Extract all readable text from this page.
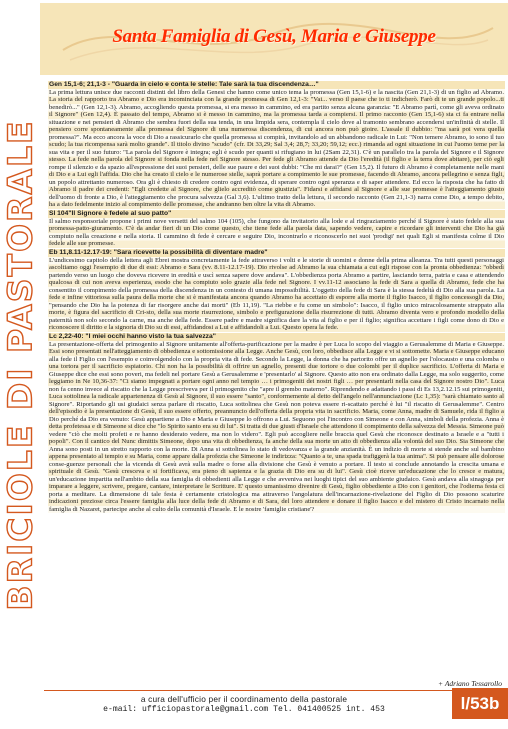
BRICIOLE DI PASTORALE
Santa Famiglia di Gesù, Maria e Giuseppe
Gen 15,1-6; 21,1-3 - "Guarda in cielo e conta le stelle: Tale sarà la tua discendenza…"
La prima lettura unisce due racconti distinti del libro della Genesi che hanno come unico tema la promessa (Gen 15,1-6) e la nascita (Gen 21,1-3) di un figlio ad Abramo. La storia del rapporto tra Abramo e Dio era incominciata con la grande promessa di Gen 12,1-3: "Vai... verso il paese che io ti indicherò. Farò di te un grande popolo...ti benedirò..." (Gen 12,1-3). Abramo, accogliendo questa promessa, si era messo in cammino, ed era partito senza alcuna garanzia: "E Abramo partì, come gli aveva ordinato il Signore" (Gen 12,4). È passato del tempo, Abramo si è messo in cammino, ma la promessa tarda a compiersi. Il primo racconto (Gen 15,1-6) sta ci fa entrare nella situazione e nei pensieri di Abramo che sembra fuori della sua tenda, in una limpida sera, contempla il cielo dove al tramonto sembrano accendersi un'infinità di stelle. Il pensiero corre spontaneamente alla promessa del Signore di una numerosa discendenza, di cui ancora non può gioire. L'assale il dubbio: "ma sarà poi vera quella promessa?". Ma ecco ancora la voce di Dio a rassicurarlo che quella promessa si compirà, invitandolo ad un abbandono radicale in Lui: "Non temere Abramo, io sono il tuo scudo; la tua ricompensa sarà molto grande". Il titolo divino "scudo" (cfr. Dt 33,29; Sal 3,4; 28,7; 33,20; 59,12; ecc.) rimanda ad ogni situazione in cui l'uomo teme per la sua vita e per il suo futuro: "La parola del Signore è integra; egli è scudo per quanti si rifugiano in lui (2Sam 22,31). C'è un parallelo tra la parola del Signore e il Signore stesso. La fede nella parola del Signore si fonda nella fede nel Signore stesso. Per fede gli Abramo attende da Dio l'eredità (il figlio e la terra dove abitare), per ciò egli rompe il silenzio e da spazio all'espressione dei suoi pensieri, delle sue paure e dei suoi dubbi: "Che mi darai?" (Gen 15,2). Il futuro di Abramo è completamente nelle mani di Dio e a Lui egli l'affida. Dio che ha creato il cielo e le numerose stelle, saprà portare a compimento le sue promesse, facendo di Abramo, ancora pellegrino e senza figli, un popolo attrettanto numeroso. Ora gli è chiesto di credere contro ogni evidenza, di sperare contro ogni speranza e di saper attendere. Ed ecco la risposta che ha fatto di Abramo il padre dei credenti: "Egli credette al Signore, che glielo accreditò come giustizia". Fidarsi e affidarsi al Signore e alle sue promesse è l'atteggiamento giusto dell'uomo di fronte a Dio, è l'atteggiamento che procura salvezza (Gal 3,6). L'ultimo tratto della lettura, il secondo racconto (Gen 21,1-3) narra come Dio, a tempo debito, ha a dato fedelmente inizio al compimento delle promesse, che andranno ben oltre la vita di Abramo.
Sl 104"Il Signore è fedele al suo patto"
Il salmo responsoriale propone i primi nove versetti del salmo 104 (105), che fungono da invitatorio alla lode e al ringraziamento perché il Signore è stato fedele alla sua promessa-patto-giuramento. C'è da andar fieri di un Dio come questo, che tiene fede alla parola data, sapendo vedere, capire e ricordare gli interventi che Dio ha già compiuto nella creazione e nella storia. Il cammino di fede è cercare e seguire Dio, incontrarlo e riconoscerlo nei suoi 'prodigi' nei quali Egli si manifesta colme il Dio fedele alle sue promesse.
Eb 11,8.11-12.17-19: "Sara ricevette la possibilità di diventare madre"
L'undicesimo capitolo della lettera agli Ebrei mostra concretamente la fede attraverso i volti e le storie di uomini e donne della prima alleanza. Tra tutti questi personaggi ascoltiamo oggi l'esempio di due di essi: Abramo e Sara (vv. 8.11-12.17-19). Dio rivolse ad Abramo la sua chiamata a cui egli rispose con la pronta obbedienza: "obbedì partendo verso un luogo che doveva ricevere in eredità e uscì senza sapere dove andava". L'obbedienza porta Abramo a partire, lasciando terra, patria e casa e attendendo qualcosa di cui non aveva esperienza, esodo che ha compiuto solo grazie alla fede nel Signore. I vv.11-12 associano la fede di Sara a quella di Abramo, fede che ha consentito il compimento della promessa della discendenza in un contesto di umana impossibilità. L'oggetto della fede di Sara è la stessa fedeltà di Dio alla sua parola. La fede e infine vittoriosa sulla paura della morte che si è manifestata ancora quando Abramo ha accettato di esporre alla morte il figlio Isacco, il figlio concessogli da Dio, "pensando che Dio ha la potenza di far risorgere anche dai morti" (Eb 11,19). "La riebbe e fu come un simbolo": Isacco, il figlio unico miracolosamente strappato alla morte, è figura del sacrificio di Cri-sto, della sua morte risurrezione, simbolo e prefigurazione della risurrezione di tutti. Abramo diventa vero e profondo modello della paternità non solo secondo la carne, ma anche della fede. Essere padre e madre significa dare la vita al figlio e per il figlio; significa accettare i figli come dono di Dio e riconoscere il diritto e la signoria di Dio su di essi, affidandosi a Lui e affidandoli a Lui. Questo opera la fede.
Lc 2,22-40: "I miei occhi hanno visto la tua salvezza"
La presentazione-offerta del primogenito al Signore unitamente all'offerta-purificazione per la madre è per Luca lo scopo del viaggio a Gerusalemme di Maria e Giuseppe. Essi sono presentati nell'atteggiamento di obbedienza e sottomissione alla Legge. Anche Gesù, con loro, obbedisce alla Legge e vi si sottomette. Maria e Giuseppe educano alla fede il Figlio con l'esempio e coinvolgendolo con la propria vita di fede. Secondo la Legge, la donna che ha partorito offre un agnello per l'olocausto e una colomba o una tortora per il sacrificio espiatorio. Chi non ha la possibilità di offrire un agnello, presenti due tortore o due colombi per il duplice sacrificio. L'offerta di Maria e Giuseppe dice che essi sono poveri, ma fedeli nel portare Gesù a Gerusalemme e 'presentarlo' al Signore. Questo atto non era ordinato dalla Legge, ma solo suggerito, come leggiamo in Ne 10,36-37: "Ci siamo impegnati a portare ogni anno nel tempio … i primogeniti dei nostri figli … per presentarli nella casa del Signore nostro Dio". Luca non fa cenno invece al riscatto che la Legge prescriveva per il primogenito che "apre il grembo materno". Riprendendo e adattando i passi di Es 13,2.12.15 sui primogeniti, Luca sottolinea la radicale appartenenza di Gesù al Signore, il suo essere "santo", conformemente al detto dell'angelo nell'annunciazione (Lc 1,35): "sarà chiamato santo al Signore". Riportando gli usi giudaici senza parlare di riscatto, Luca sottolinea che Gesù non poteva essere ri-scattato perché è lui "il riscatto di Gerusalemme". Centro dell'episodio è la presentazione di Gesù, il suo essere offerto, preannuncio dell'offerta della propria vita in sacrificio. Maria, come Anna, madre di Samuele, rida il figlio a Dio perché da Dio era venuto: Gesù appartiene a Dio e Maria e Giuseppe lo offrono a Lui. Seguono poi l'incontro con Simeone e con Anna, simboli della profezia. Anna è detta profetessa e di Simeone si dice che "lo Spirito santo era su di lui". Si tratta di due giusti d'Israele che attendono il compimento della salvezza del Messia. Simeone può vedere "ciò che molti profeti e re hanno desiderato vedere, ma non lo videro". Egli può accogliere nelle braccia quel Gesù che riconosce destinato a Israele e a "tutti i popoli". Con il cantico del Nunc dimittis Simeone, dopo una vita di obbedienza, fa anche della sua morte un atto di obbedienza alla volontà del suo Dio. Sia Simeone che Anna sono posti in un stretto rapporto con la morte. Di Anna si sottolinea lo stato di vedovanza e la grande anzianità. È un indizio di morte si stende anche sul bambino appena presentato al tempio e su Maria, come appare dalla profezia che Simeone le indirizza: "Quanto a te, una spada trafiggerà la tua anima". Si può pensare alle dolorose conse-guenze personali che la vicenda di Gesù avrà sulla madre o forse alla divisione che Gesù è venuto a portare. Il testo si conclude annotando la crescita umana e spirituale di Gesù. "Gesù cresceva e si fortificava, era pieno di sapienza e la grazia di Dio era su di lui". Gesù cioè riceve un'educazione che lo cresce e matura, un'educazione impartita nell'ambito della sua famiglia di obbedienti alla Legge e che avveniva nei luoghi tipici del suo ambiente giudaico. Gesù andava alla sinagoga per imparare a leggere, scrivere, pregare, cantare, interpretare le Scritture. E' questo umanissimo divenire di Gesù, figlio obbediente a Dio con i genitori, che l'odierna festa ci porta a meditare. La dimensione di tale festa è certamente cristologica ma attraverso l'angolatura dell'incarnazione-rivelazione del Figlio di Dio possono scaturire indicazioni preziose circa l'essere famiglia alla luce della fede di Abramo e di Sara, del loro attendere e donare il figlio Isacco e del mistero di Cristo incarnato nella famiglia di Nazaret, partecipe anche al culto della comunità d'Israele. E le nostre 'famiglie cristiane'?
+ Adriano Tessarollo
a cura dell'ufficio per il coordinamento della pastorale
e-mail: ufficiopastorale@gmail.com Tel. 041400525 int. 453	l/53b
